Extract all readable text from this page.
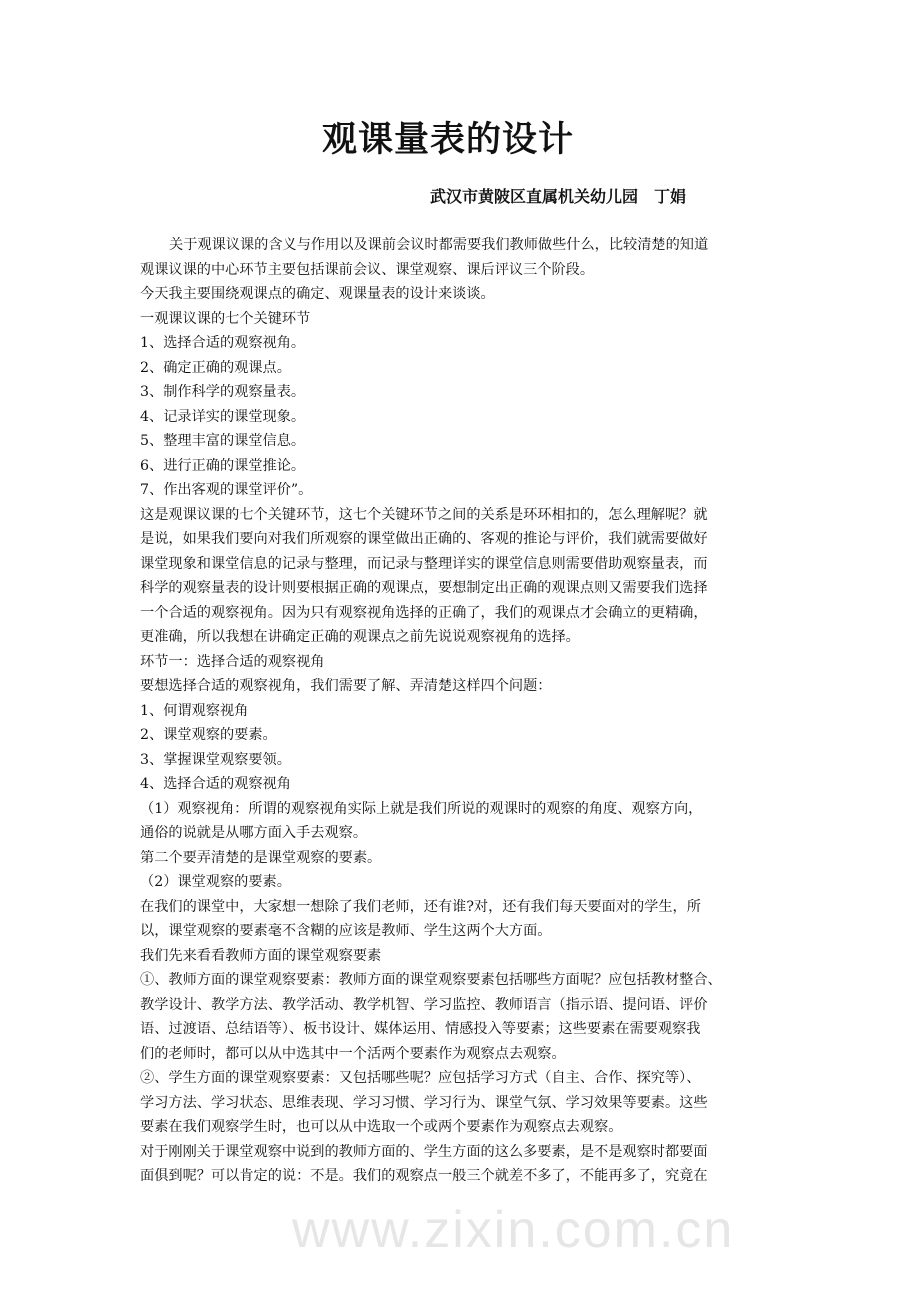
观课量表的设计
武汉市黄陂区直属机关幼儿园　丁娟
关于观课议课的含义与作用以及课前会议时都需要我们教师做些什么，比较清楚的知道
观课议课的中心环节主要包括课前会议、课堂观察、课后评议三个阶段。
今天我主要围绕观课点的确定、观课量表的设计来谈谈。
一观课议课的七个关键环节
1、选择合适的观察视角。
2、确定正确的观课点。
3、制作科学的观察量表。
4、记录详实的课堂现象。
5、整理丰富的课堂信息。
6、进行正确的课堂推论。
7、作出客观的课堂评价”。
这是观课议课的七个关键环节，这七个关键环节之间的关系是环环相扣的，怎么理解呢？就
是说，如果我们要向对我们所观察的课堂做出正确的、客观的推论与评价，我们就需要做好
课堂现象和课堂信息的记录与整理，而记录与整理详实的课堂信息则需要借助观察量表，而
科学的观察量表的设计则要根据正确的观课点，要想制定出正确的观课点则又需要我们选择
一个合适的观察视角。因为只有观察视角选择的正确了，我们的观课点才会确立的更精确，
更准确，所以我想在讲确定正确的观课点之前先说说观察视角的选择。
环节一：选择合适的观察视角
要想选择合适的观察视角，我们需要了解、弄清楚这样四个问题：
1、何谓观察视角
2、课堂观察的要素。
3、掌握课堂观察要领。
4、选择合适的观察视角
（1）观察视角：所谓的观察视角实际上就是我们所说的观课时的观察的角度、观察方向，
通俗的说就是从哪方面入手去观察。
第二个要弄清楚的是课堂观察的要素。
（2）课堂观察的要素。
在我们的课堂中，大家想一想除了我们老师，还有谁?对，还有我们每天要面对的学生，所
以，课堂观察的要素毫不含糊的应该是教师、学生这两个大方面。
我们先来看看教师方面的课堂观察要素
①、教师方面的课堂观察要素：教师方面的课堂观察要素包括哪些方面呢？应包括教材整合、
教学设计、教学方法、教学活动、教学机智、学习监控、教师语言（指示语、提问语、评价
语、过渡语、总结语等）、板书设计、媒体运用、情感投入等要素；这些要素在需要观察我
们的老师时，都可以从中选其中一个活两个要素作为观察点去观察。
②、学生方面的课堂观察要素：又包括哪些呢？应包括学习方式（自主、合作、探究等）、
学习方法、学习状态、思维表现、学习习惯、学习行为、课堂气氛、学习效果等要素。这些
要素在我们观察学生时，也可以从中选取一个或两个要素作为观察点去观察。
对于刚刚关于课堂观察中说到的教师方面的、学生方面的这么多要素，是不是观察时都要面
面俱到呢？可以肯定的说：不是。我们的观察点一般三个就差不多了，不能再多了，究竟在
www.zixin.com.cn
